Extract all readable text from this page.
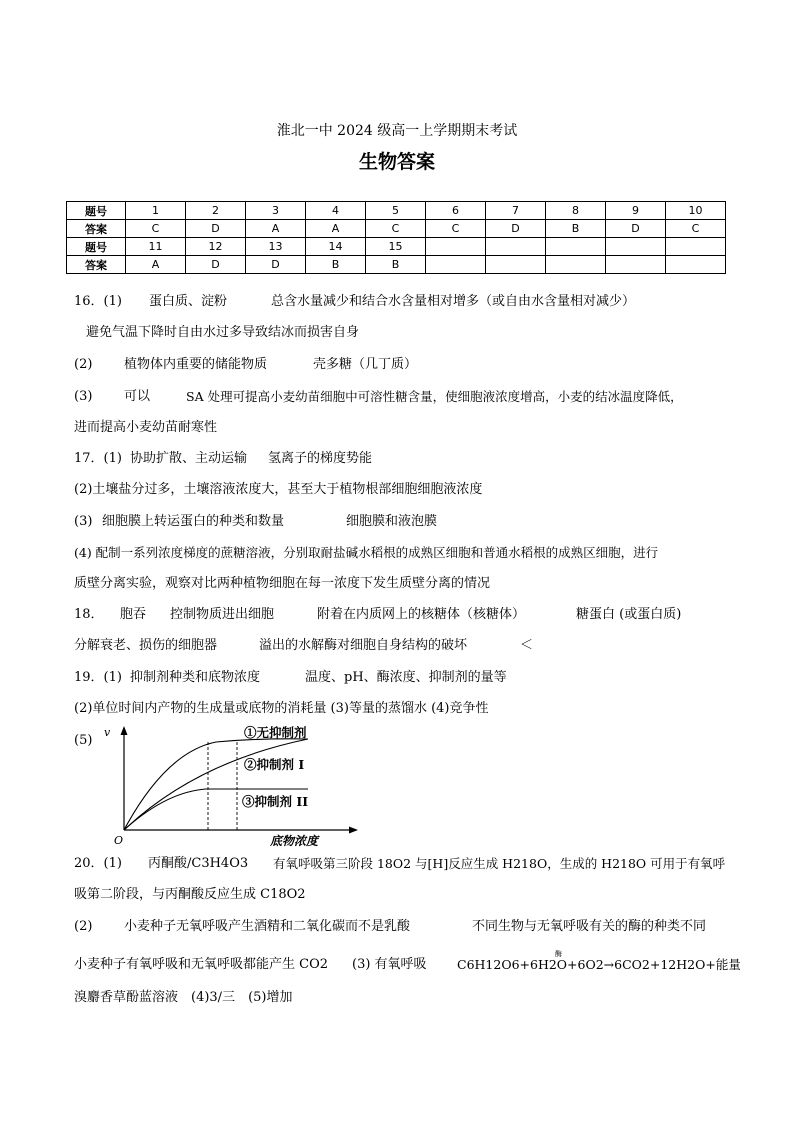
淮北一中 2024 级高一上学期期末考试
生物答案
题号	1	2	3	4	5	6	7	8	9	10
答案	C	D	A	A	C	C	D	B	D	C
题号	11	12	13	14	15					
答案	A	D	D	B	B					
16．(1) 蛋白质、淀粉	总含水量减少和结合水含量相对增多（或自由水含量相对减少）
避免气温下降时自由水过多导致结冰而损害自身
(2) 植物体内重要的储能物质	壳多糖（几丁质）
(3) 可以	SA 处理可提高小麦幼苗细胞中可溶性糖含量，使细胞液浓度增高，小麦的结冰温度降低，
进而提高小麦幼苗耐寒性
17．(1) 协助扩散、主动运输 氢离子的梯度势能
(2)土壤盐分过多，土壤溶液浓度大，甚至大于植物根部细胞细胞液浓度
(3) 细胞膜上转运蛋白的种类和数量	细胞膜和液泡膜
(4) 配制一系列浓度梯度的蔗糖溶液，分别取耐盐碱水稻根的成熟区细胞和普通水稻根的成熟区细胞，进行
质壁分离实验，观察对比两种植物细胞在每一浓度下发生质壁分离的情况
18． 胞吞 控制物质进出细胞	附着在内质网上的核糖体（核糖体）	糖蛋白 (或蛋白质)
分解衰老、损伤的细胞器	溢出的水解酶对细胞自身结构的破坏	＜
19．(1) 抑制剂种类和底物浓度	温度、pH、酶浓度、抑制剂的量等
(2)单位时间内产物的生成量或底物的消耗量 (3)等量的蒸馏水 (4)竞争性
(5)
v
O	底物浓度
①无抑制剂
②抑制剂 I
③抑制剂 II
20．(1) 丙酮酸/C3H4O3 有氧呼吸第三阶段 18O2 与[H]反应生成 H218O，生成的 H218O 可用于有氧呼
吸第二阶段，与丙酮酸反应生成 C18O2
(2) 小麦种子无氧呼吸产生酒精和二氧化碳而不是乳酸	不同生物与无氧呼吸有关的酶的种类不同
小麦种子有氧呼吸和无氧呼吸都能产生 CO2 (3) 有氧呼吸
酶
C6H12O6+6H2O+6O2→6CO2+12H2O+能量
溴麝香草酚蓝溶液　(4)3/三　(5)增加
